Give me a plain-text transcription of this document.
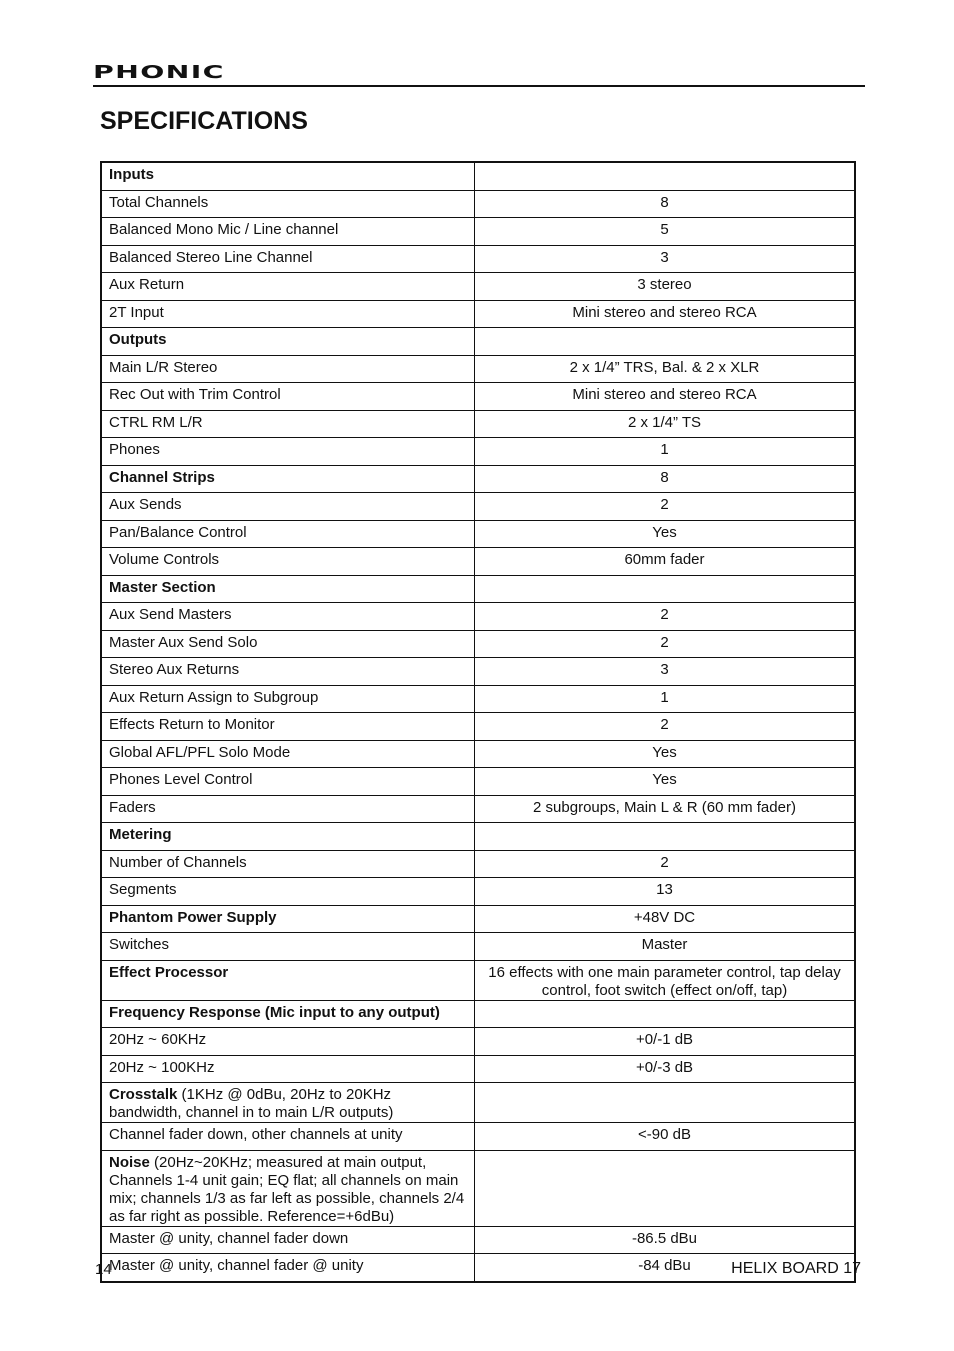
PHONIC
SPECIFICATIONS
Inputs	
Total Channels	8
Balanced Mono Mic / Line channel	5
Balanced Stereo Line Channel	3
Aux Return	3 stereo
2T Input	Mini stereo and stereo RCA
Outputs	
Main L/R Stereo	2 x 1/4” TRS, Bal. & 2 x XLR
Rec Out with Trim Control	Mini stereo and stereo RCA
CTRL RM L/R	2 x 1/4” TS
Phones	1
Channel Strips	8
Aux Sends	2
Pan/Balance Control	Yes
Volume Controls	60mm fader
Master Section	
Aux Send Masters	2
Master Aux Send Solo	2
Stereo Aux Returns	3
Aux Return Assign to Subgroup	1
Effects Return to Monitor	2
Global AFL/PFL Solo Mode	Yes
Phones Level Control	Yes
Faders	2 subgroups, Main L & R (60 mm fader)
Metering	
Number of Channels	2
Segments	13
Phantom Power Supply	+48V DC
Switches	Master
Effect Processor	16 effects with one main parameter control, tap delay control, foot switch (effect on/off, tap)
Frequency Response (Mic input to any output)	
20Hz ~ 60KHz	+0/-1 dB
20Hz ~ 100KHz	+0/-3 dB
Crosstalk (1KHz @ 0dBu, 20Hz to 20KHz bandwidth, channel in to main L/R outputs)	
Channel fader down, other channels at unity	<-90 dB
Noise (20Hz~20KHz; measured at main output, Channels 1-4 unit gain; EQ flat; all channels on main mix; channels 1/3 as far left as possible, channels 2/4 as far right as possible. Reference=+6dBu)	
Master @ unity, channel fader down	-86.5 dBu
Master @ unity, channel fader @ unity	-84 dBu
14	HELIX BOARD 17
